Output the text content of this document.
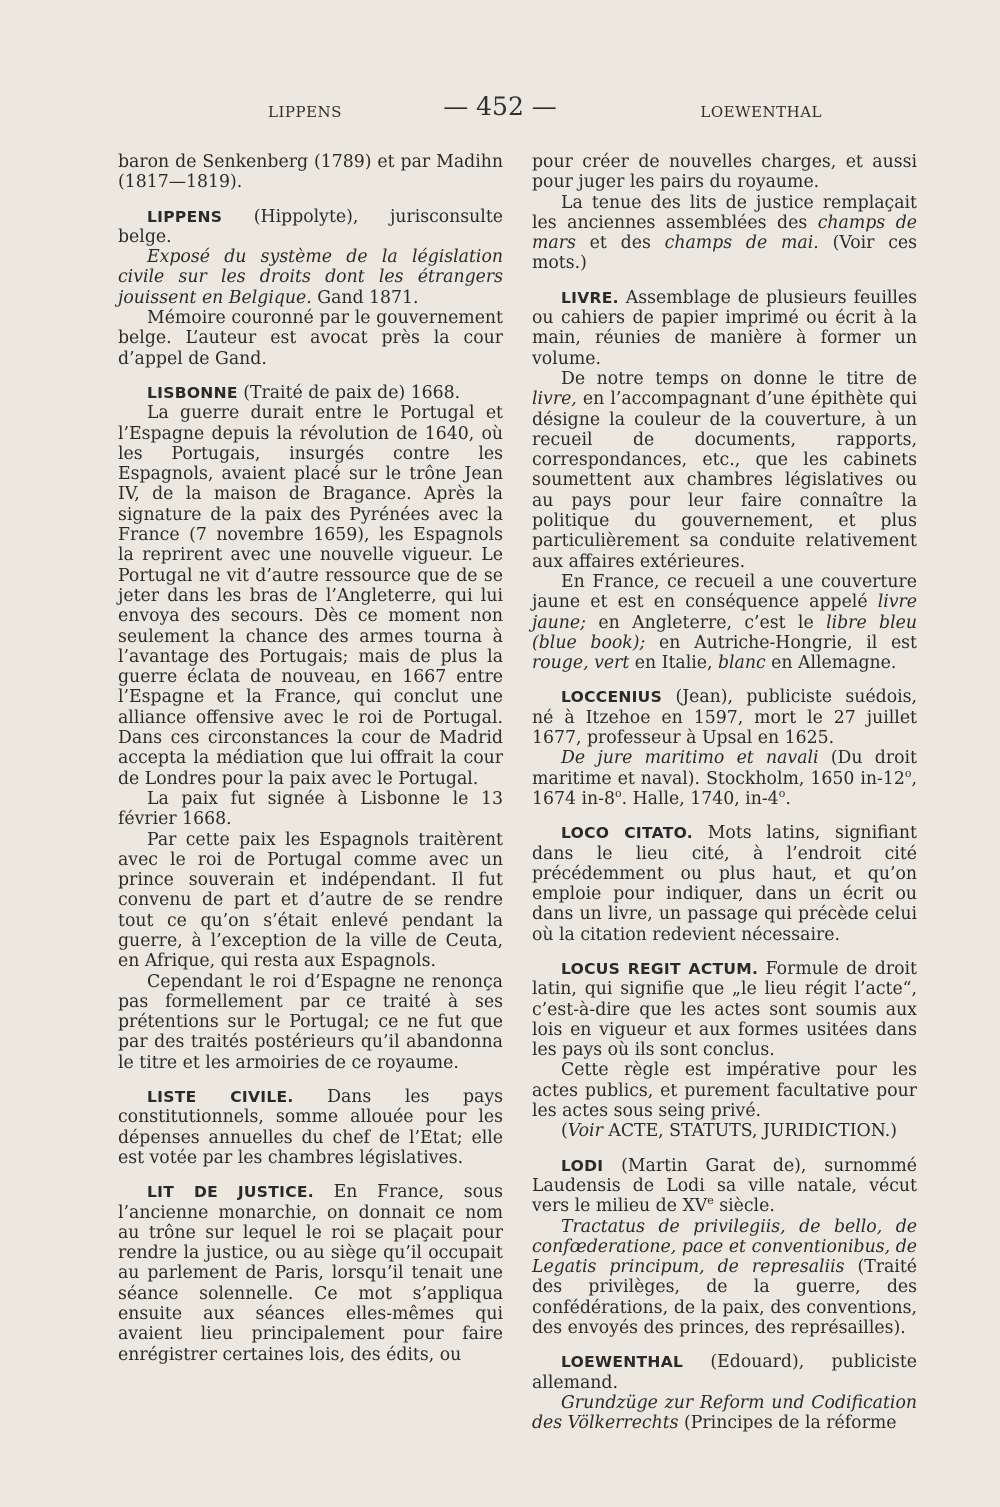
LIPPENS	— 452 —	LOEWENTHAL

baron de Senkenberg (1789) et par Madihn (1817—1819).

LIPPENS (Hippolyte), jurisconsulte belge.

Exposé du système de la législation civile sur les droits dont les étrangers jouissent en Belgique. Gand 1871.

Mémoire couronné par le gouvernement belge. L’auteur est avocat près la cour d’appel de Gand.

LISBONNE (Traité de paix de) 1668.

La guerre durait entre le Portugal et l’Espagne depuis la révolution de 1640, où les Portugais, insurgés contre les Espagnols, avaient placé sur le trône Jean IV, de la maison de Bragance. Après la signature de la paix des Pyrénées avec la France (7 novembre 1659), les Espagnols la reprirent avec une nouvelle vigueur. Le Portugal ne vit d’autre ressource que de se jeter dans les bras de l’Angleterre, qui lui envoya des secours. Dès ce moment non seulement la chance des armes tourna à l’avantage des Portugais; mais de plus la guerre éclata de nouveau, en 1667 entre l’Espagne et la France, qui conclut une alliance offensive avec le roi de Portugal. Dans ces circonstances la cour de Madrid accepta la médiation que lui offrait la cour de Londres pour la paix avec le Portugal.

La paix fut signée à Lisbonne le 13 février 1668.

Par cette paix les Espagnols traitèrent avec le roi de Portugal comme avec un prince souverain et indépendant. Il fut convenu de part et d’autre de se rendre tout ce qu’on s’était enlevé pendant la guerre, à l’exception de la ville de Ceuta, en Afrique, qui resta aux Espagnols.

Cependant le roi d’Espagne ne renonça pas formellement par ce traité à ses prétentions sur le Portugal; ce ne fut que par des traités postérieurs qu’il abandonna le titre et les armoiries de ce royaume.

LISTE CIVILE. Dans les pays constitutionnels, somme allouée pour les dépenses annuelles du chef de l’Etat; elle est votée par les chambres législatives.

LIT DE JUSTICE. En France, sous l’ancienne monarchie, on donnait ce nom au trône sur lequel le roi se plaçait pour rendre la justice, ou au siège qu’il occupait au parlement de Paris, lorsqu’il tenait une séance solennelle. Ce mot s’appliqua ensuite aux séances elles-mêmes qui avaient lieu principalement pour faire enrégistrer certaines lois, des édits, ou

pour créer de nouvelles charges, et aussi pour juger les pairs du royaume.

La tenue des lits de justice remplaçait les anciennes assemblées des champs de mars et des champs de mai. (Voir ces mots.)

LIVRE. Assemblage de plusieurs feuilles ou cahiers de papier imprimé ou écrit à la main, réunies de manière à former un volume.

De notre temps on donne le titre de livre, en l’accompagnant d’une épithète qui désigne la couleur de la couverture, à un recueil de documents, rapports, correspondances, etc., que les cabinets soumettent aux chambres législatives ou au pays pour leur faire connaître la politique du gouvernement, et plus particulièrement sa conduite relativement aux affaires extérieures.

En France, ce recueil a une couverture jaune et est en conséquence appelé livre jaune; en Angleterre, c’est le libre bleu (blue book); en Autriche-Hongrie, il est rouge, vert en Italie, blanc en Allemagne.

LOCCENIUS (Jean), publiciste suédois, né à Itzehoe en 1597, mort le 27 juillet 1677, professeur à Upsal en 1625.

De jure maritimo et navali (Du droit maritime et naval). Stockholm, 1650 in-12$^o$, 1674 in-8$^o$. Halle, 1740, in-4$^o$.

LOCO CITATO. Mots latins, signifiant dans le lieu cité, à l’endroit cité précédemment ou plus haut, et qu’on emploie pour indiquer, dans un écrit ou dans un livre, un passage qui précède celui où la citation redevient nécessaire.

LOCUS REGIT ACTUM. Formule de droit latin, qui signifie que „le lieu régit l’acte“, c’est-à-dire que les actes sont soumis aux lois en vigueur et aux formes usitées dans les pays où ils sont conclus.

Cette règle est impérative pour les actes publics, et purement facultative pour les actes sous seing privé.

(Voir ACTE, STATUTS, JURIDICTION.)

LODI (Martin Garat de), surnommé Laudensis de Lodi sa ville natale, vécut vers le milieu de XVe siècle.

Tractatus de privilegiis, de bello, de confœderatione, pace et conventionibus, de Legatis principum, de represaliis (Traité des privilèges, de la guerre, des confédérations, de la paix, des conventions, des envoyés des princes, des représailles).

LOEWENTHAL (Edouard), publiciste allemand.

Grundzüge zur Reform und Codification des Völkerrechts (Principes de la réforme
